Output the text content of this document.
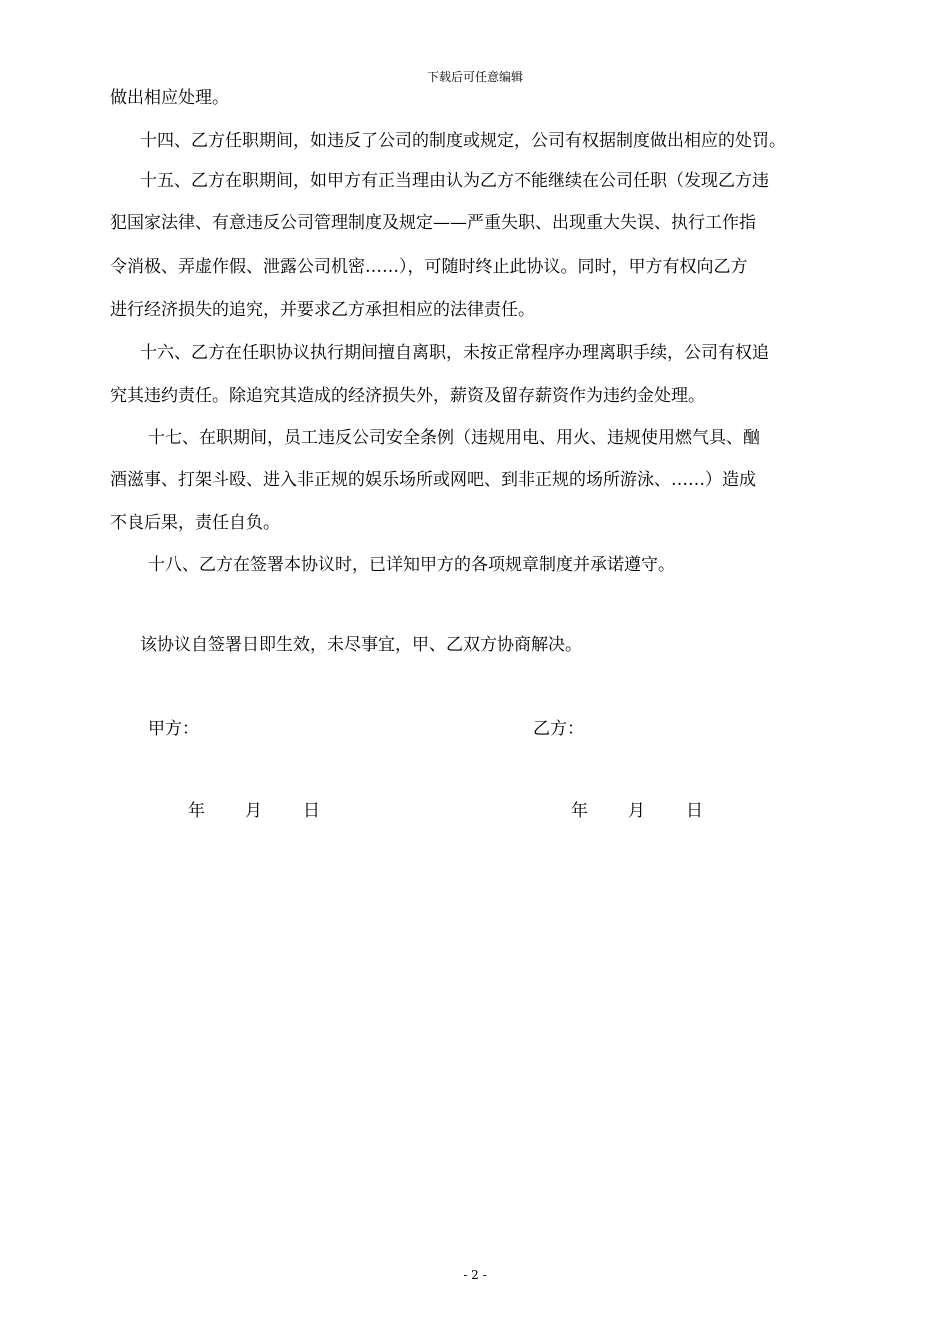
下载后可任意编辑
做出相应处理。
十四、乙方任职期间，如违反了公司的制度或规定，公司有权据制度做出相应的处罚。
十五、乙方在职期间，如甲方有正当理由认为乙方不能继续在公司任职（发现乙方违
犯国家法律、有意违反公司管理制度及规定——严重失职、出现重大失误、执行工作指
令消极、弄虚作假、泄露公司机密……），可随时终止此协议。同时，甲方有权向乙方
进行经济损失的追究，并要求乙方承担相应的法律责任。
十六、乙方在任职协议执行期间擅自离职，未按正常程序办理离职手续，公司有权追
究其违约责任。除追究其造成的经济损失外，薪资及留存薪资作为违约金处理。
十七、在职期间，员工违反公司安全条例（违规用电、用火、违规使用燃气具、酗
酒滋事、打架斗殴、进入非正规的娱乐场所或网吧、到非正规的场所游泳、……）造成
不良后果，责任自负。
十八、乙方在签署本协议时，已详知甲方的各项规章制度并承诺遵守。
该协议自签署日即生效，未尽事宜，甲、乙双方协商解决。
甲方：	乙方：
年 月 日	年 月 日
- 2 -
